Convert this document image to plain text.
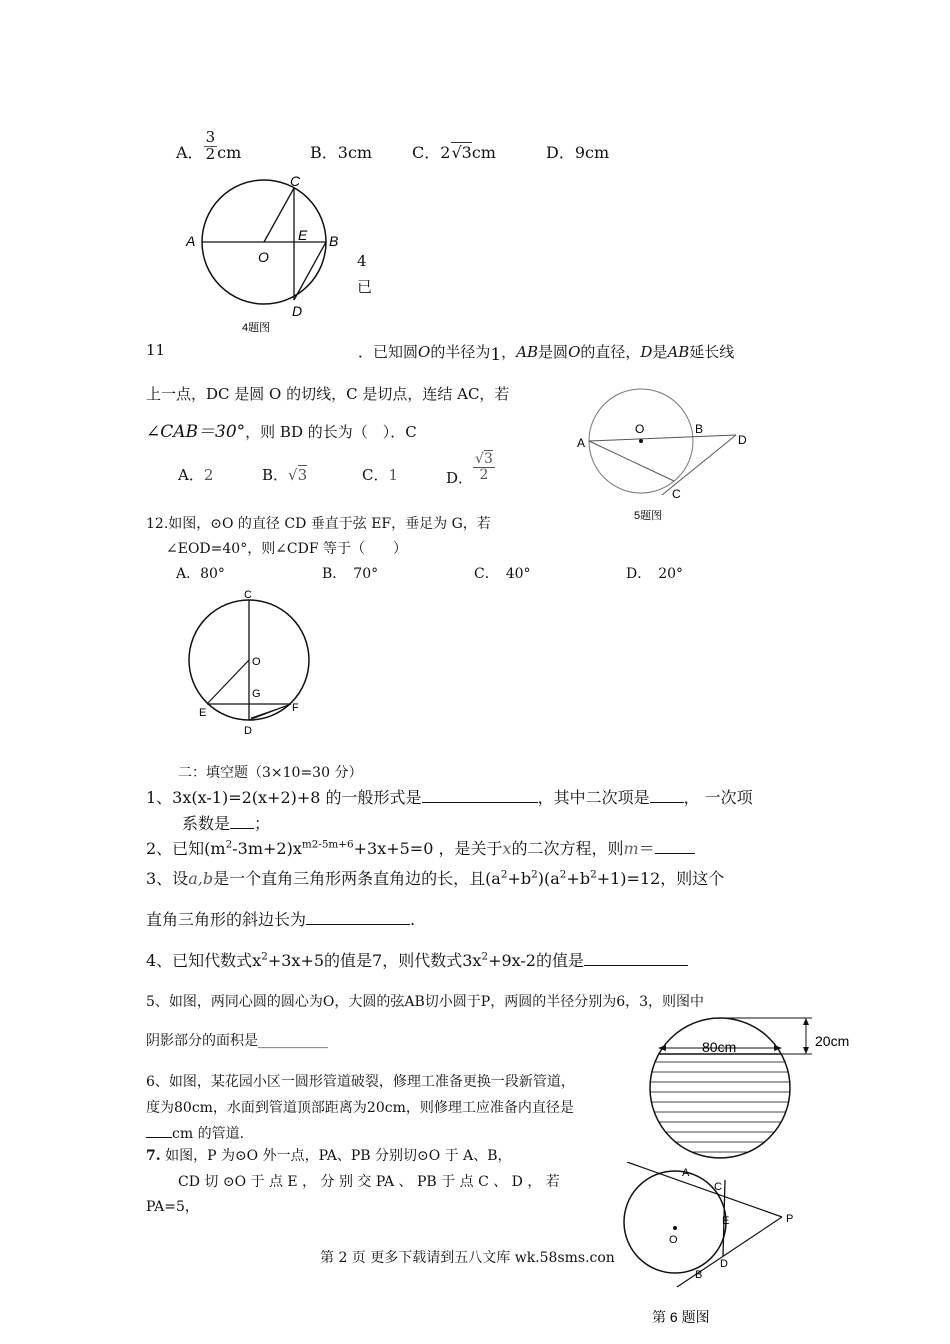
A． $\frac{3}{2}$ cm	B．3cm C．2√3cm	D．9cm
C
A	E B
O
D
4题图
4
已
11	．已知圆O的半径为1，AB是圆O的直径，D是AB延长线
上一点，DC 是圆 O 的切线，C 是切点，连结 AC，若
∠CAB＝30°，则 BD 的长为（　）．C
A．2	B．√3	C．1	D． $\frac{√3}{2}$
O	B
D
A
C
5题图
12.如图，⊙O 的直径 CD 垂直于弦 EF，垂足为 G，若
∠EOD=40°，则∠CDF 等于（　　）
A．80°	B．　70°	C．　40°	D．　20°
C
O
G
E	F
D
二：填空题（3×10=30 分）
1、3x(x-1)=2(x+2)+8 的一般形式是	，其中二次项是 ， 一次项
系数是 ；
2、已知$(m^2-3m+2)x^{m2-5m+6}+3x+5=0$ ，是关于x的二次方程，则m＝
3、设a,b是一个直角三角形两条直角边的长，且$(a^2+b^2)(a^2+b^2+1)=12$，则这个
直角三角形的斜边长为	.
4、已知代数式$x^2+3x+5$的值是7，则代数式$3x^2+9x-2$的值是
5、如图，两同心圆的圆心为O，大圆的弦AB切小圆于P，两圆的半径分别为6，3，则图中
阴影部分的面积是__________	80cm	20cm
6、如图，某花园小区一圆形管道破裂，修理工准备更换一段新管道，
度为80cm，水面到管道顶部距离为20cm，则修理工应准备内直径是
cm 的管道.
7. 如图，P 为⊙O 外一点，PA、PB 分别切⊙O 于 A、B，
CD 切 ⊙O 于 点 E ， 分 别 交 PA 、 PB 于 点 C 、 D ， 若
PA=5，
A
C
E	P
O
D
B
第 6 题图
第 2 页 更多下载请到五八文库 wk.58sms.con
